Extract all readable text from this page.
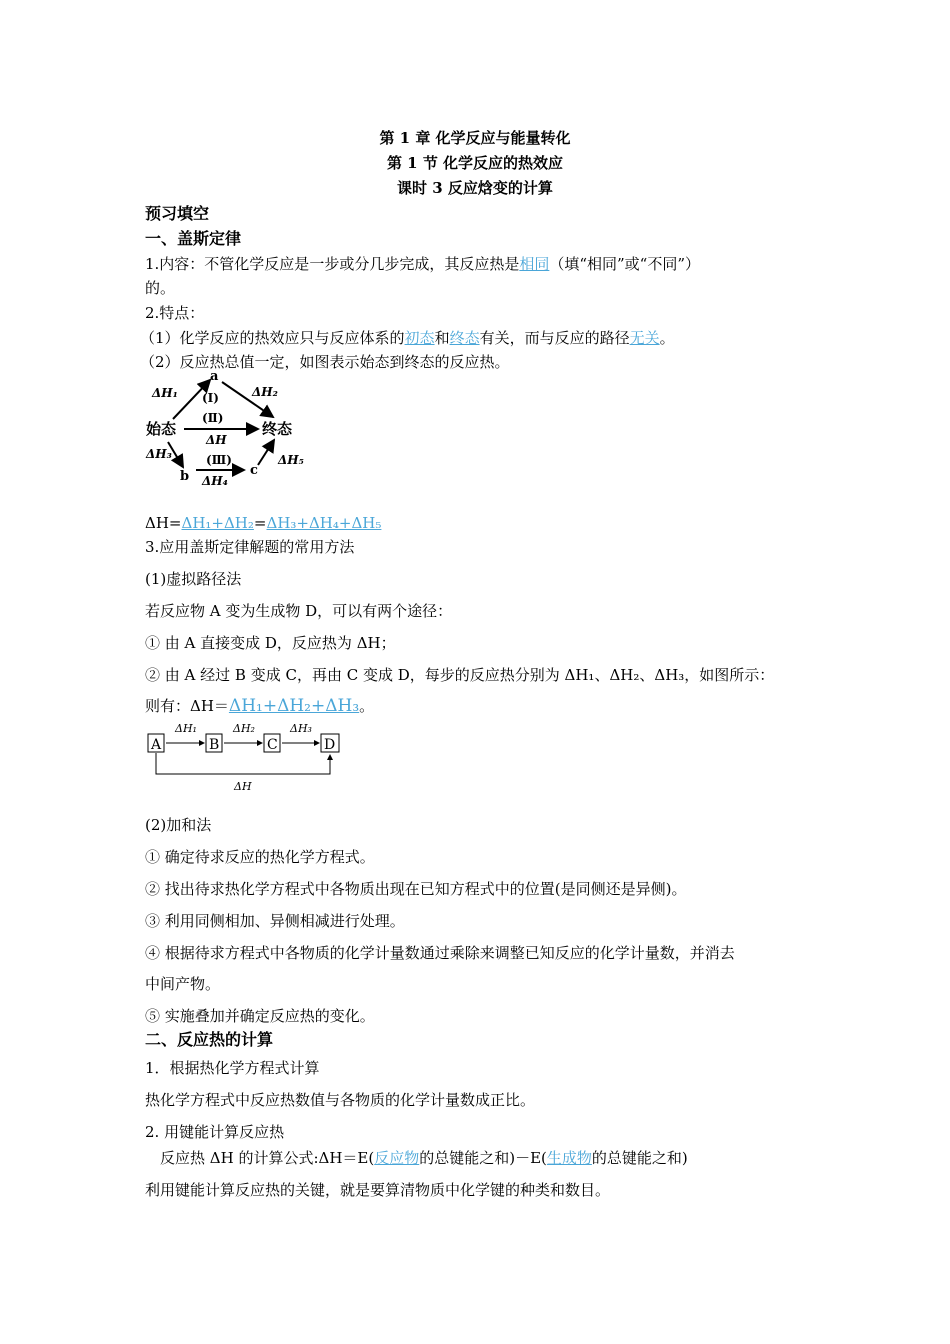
第 1 章 化学反应与能量转化
第 1 节 化学反应的热效应
课时 3 反应焓变的计算
预习填空
一、盖斯定律
1.内容：不管化学反应是一步或分几步完成，其反应热是相同（填“相同”或“不同”）
的。
2.特点：
（1）化学反应的热效应只与反应体系的初态和终态有关，而与反应的路径无关。
（2）反应热总值一定，如图表示始态到终态的反应热。
a
ΔH₁	ΔH₂
(Ⅰ)
始态	终态
(Ⅱ)
ΔH
ΔH₃
b
(Ⅲ)
ΔH₄
c
ΔH₅
ΔH=ΔH₁+ΔH₂=ΔH₃+ΔH₄+ΔH₅
3.应用盖斯定律解题的常用方法
(1)虚拟路径法
若反应物 A 变为生成物 D，可以有两个途径：
① 由 A 直接变成 D，反应热为 ΔH；
② 由 A 经过 B 变成 C，再由 C 变成 D，每步的反应热分别为 ΔH₁、ΔH₂、ΔH₃，如图所示：
则有：ΔH＝ΔH₁+ΔH₂+ΔH₃。
A	B	C	D
ΔH₁	ΔH₂	ΔH₃
ΔH
(2)加和法
① 确定待求反应的热化学方程式。
② 找出待求热化学方程式中各物质出现在已知方程式中的位置(是同侧还是异侧)。
③ 利用同侧相加、异侧相减进行处理。
④ 根据待求方程式中各物质的化学计量数通过乘除来调整已知反应的化学计量数，并消去
中间产物。
⑤ 实施叠加并确定反应热的变化。
二、反应热的计算
1．根据热化学方程式计算
热化学方程式中反应热数值与各物质的化学计量数成正比。
2. 用键能计算反应热
反应热 ΔH 的计算公式:ΔH＝E(反应物的总键能之和)－E(生成物的总键能之和)
利用键能计算反应热的关键，就是要算清物质中化学键的种类和数目。
